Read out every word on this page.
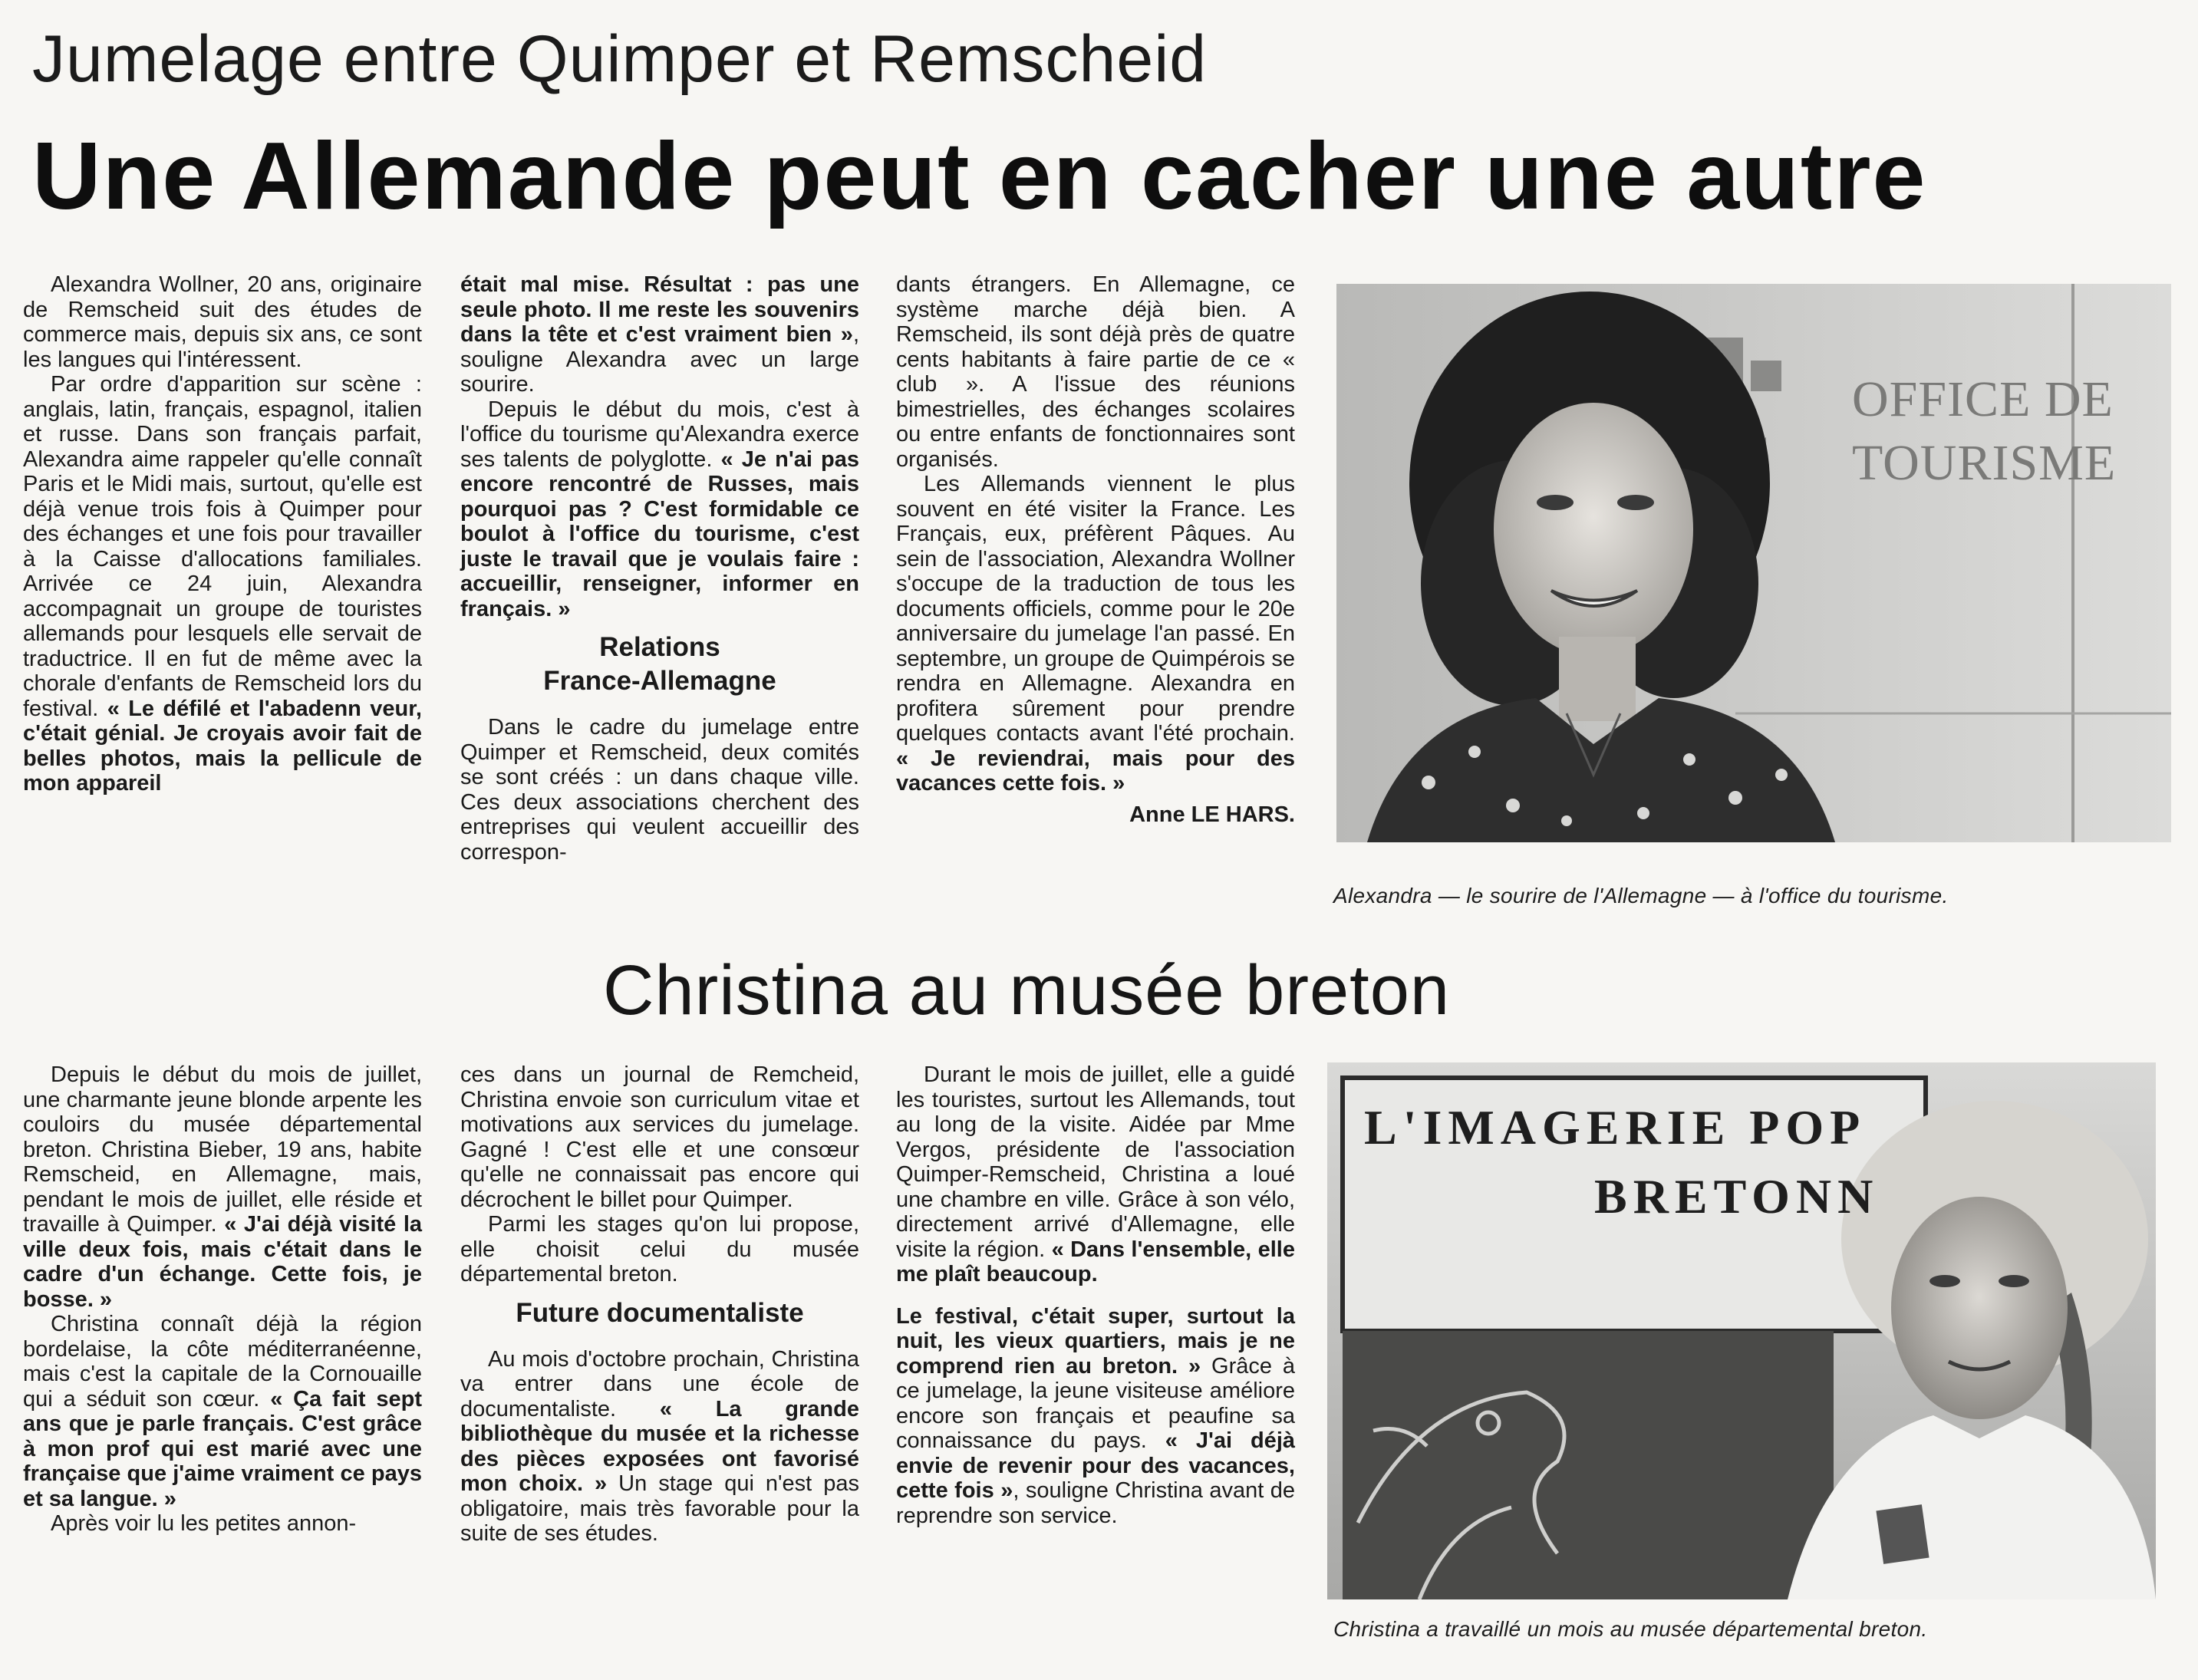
Jumelage entre Quimper et Remscheid
Une Allemande peut en cacher une autre

Alexandra Wollner, 20 ans, originaire de Remscheid suit des études de commerce mais, depuis six ans, ce sont les langues qui l'intéressent.

Par ordre d'apparition sur scène : anglais, latin, français, espagnol, italien et russe. Dans son français parfait, Alexandra aime rappeler qu'elle connaît Paris et le Midi mais, surtout, qu'elle est déjà venue trois fois à Quimper pour des échanges et une fois pour travailler à la Caisse d'allocations familiales. Arrivée ce 24 juin, Alexandra accompagnait un groupe de touristes allemands pour lesquels elle servait de traductrice. Il en fut de même avec la chorale d'enfants de Remscheid lors du festival. « Le défilé et l'abadenn veur, c'était génial. Je croyais avoir fait de belles photos, mais la pellicule de mon appareil

était mal mise. Résultat : pas une seule photo. Il me reste les souvenirs dans la tête et c'est vraiment bien », souligne Alexandra avec un large sourire.

Depuis le début du mois, c'est à l'office du tourisme qu'Alexandra exerce ses talents de polyglotte. « Je n'ai pas encore rencontré de Russes, mais pourquoi pas ? C'est formidable ce boulot à l'office du tourisme, c'est juste le travail que je voulais faire : accueillir, renseigner, informer en français. »

Relations
France-Allemagne

Dans le cadre du jumelage entre Quimper et Remscheid, deux comités se sont créés : un dans chaque ville. Ces deux associations cherchent des entreprises qui veulent accueillir des correspon-

dants étrangers. En Allemagne, ce système marche déjà bien. A Remscheid, ils sont déjà près de quatre cents habitants à faire partie de ce « club ». A l'issue des réunions bimestrielles, des échanges scolaires ou entre enfants de fonctionnaires sont organisés.

Les Allemands viennent le plus souvent en été visiter la France. Les Français, eux, préfèrent Pâques. Au sein de l'association, Alexandra Wollner s'occupe de la traduction de tous les documents officiels, comme pour le 20e anniversaire du jumelage l'an passé. En septembre, un groupe de Quimpérois se rendra en Allemagne. Alexandra en profitera sûrement pour prendre quelques contacts avant l'été prochain. « Je reviendrai, mais pour des vacances cette fois. »

Anne LE HARS.
OFFICE DE
TOURISME
Alexandra — le sourire de l'Allemagne — à l'office du tourisme.
Christina au musée breton

Depuis le début du mois de juillet, une charmante jeune blonde arpente les couloirs du musée départemental breton. Christina Bieber, 19 ans, habite Remscheid, en Allemagne, mais, pendant le mois de juillet, elle réside et travaille à Quimper. « J'ai déjà visité la ville deux fois, mais c'était dans le cadre d'un échange. Cette fois, je bosse. »

Christina connaît déjà la région bordelaise, la côte méditerranéenne, mais c'est la capitale de la Cornouaille qui a séduit son cœur. « Ça fait sept ans que je parle français. C'est grâce à mon prof qui est marié avec une française que j'aime vraiment ce pays et sa langue. »

Après voir lu les petites annon-

ces dans un journal de Remcheid, Christina envoie son curriculum vitae et motivations aux services du jumelage. Gagné ! C'est elle et une consœur qu'elle ne connaissait pas encore qui décrochent le billet pour Quimper.

Parmi les stages qu'on lui propose, elle choisit celui du musée départemental breton.

Future documentaliste

Au mois d'octobre prochain, Christina va entrer dans une école de documentaliste. « La grande bibliothèque du musée et la richesse des pièces exposées ont favorisé mon choix. » Un stage qui n'est pas obligatoire, mais très favorable pour la suite de ses études.

Durant le mois de juillet, elle a guidé les touristes, surtout les Allemands, tout au long de la visite. Aidée par Mme Vergos, présidente de l'association Quimper-Remscheid, Christina a loué une chambre en ville. Grâce à son vélo, directement arrivé d'Allemagne, elle visite la région. « Dans l'ensemble, elle me plaît beaucoup.

Le festival, c'était super, surtout la nuit, les vieux quartiers, mais je ne comprend rien au breton. » Grâce à ce jumelage, la jeune visiteuse améliore encore son français et peaufine sa connaissance du pays. « J'ai déjà envie de revenir pour des vacances, cette fois », souligne Christina avant de reprendre son service.

L'IMAGERIE POP
BRETONN
Christina a travaillé un mois au musée départemental breton.
